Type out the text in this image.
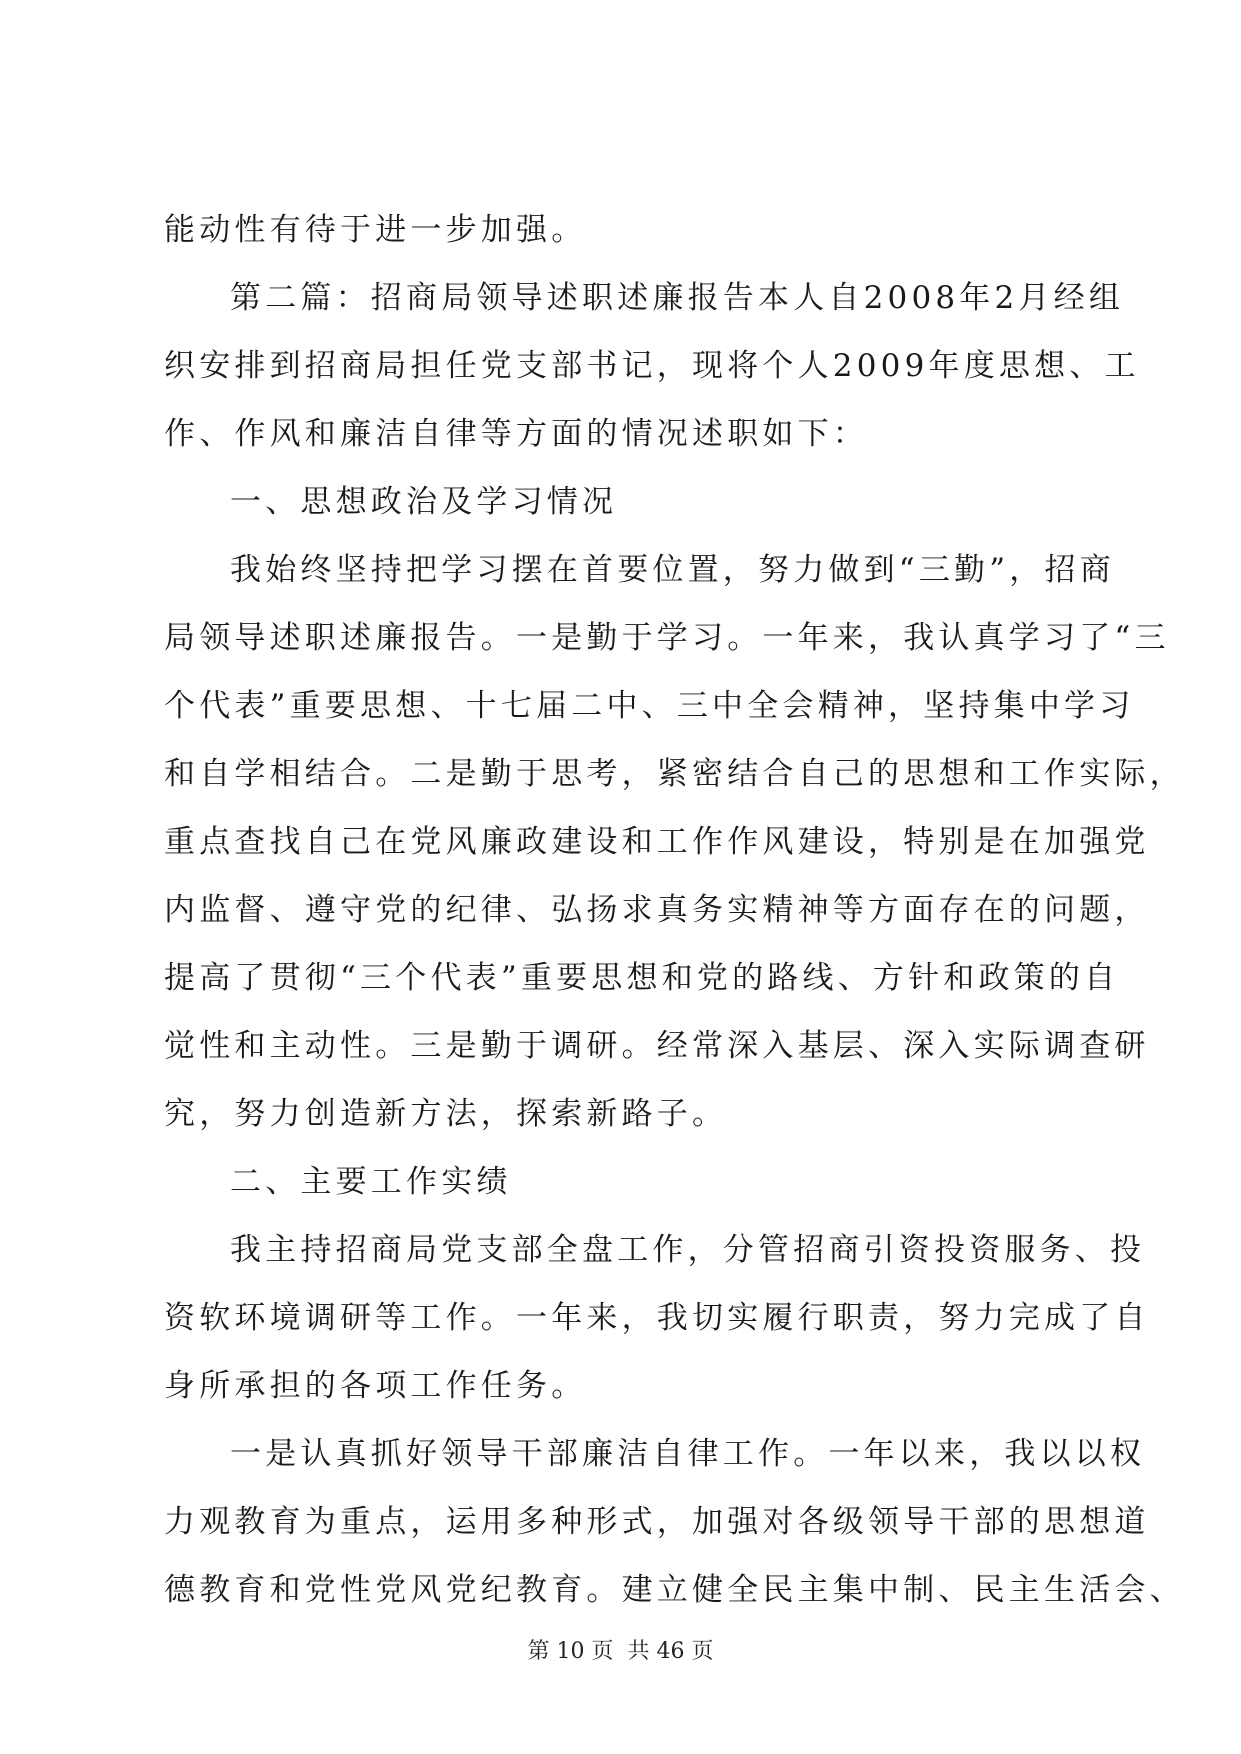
能动性有待于进一步加强。
第二篇：招商局领导述职述廉报告本人自2008年2月经组
织安排到招商局担任党支部书记，现将个人2009年度思想、工
作、作风和廉洁自律等方面的情况述职如下：
一、思想政治及学习情况
我始终坚持把学习摆在首要位置，努力做到“三勤”，招商
局领导述职述廉报告。一是勤于学习。一年来，我认真学习了“三
个代表”重要思想、十七届二中、三中全会精神，坚持集中学习
和自学相结合。二是勤于思考，紧密结合自己的思想和工作实际，
重点查找自己在党风廉政建设和工作作风建设，特别是在加强党
内监督、遵守党的纪律、弘扬求真务实精神等方面存在的问题，
提高了贯彻“三个代表”重要思想和党的路线、方针和政策的自
觉性和主动性。三是勤于调研。经常深入基层、深入实际调查研
究，努力创造新方法，探索新路子。
二、主要工作实绩
我主持招商局党支部全盘工作，分管招商引资投资服务、投
资软环境调研等工作。一年来，我切实履行职责，努力完成了自
身所承担的各项工作任务。
一是认真抓好领导干部廉洁自律工作。一年以来，我以以权
力观教育为重点，运用多种形式，加强对各级领导干部的思想道
德教育和党性党风党纪教育。建立健全民主集中制、民主生活会、
第 10 页  共 46 页
